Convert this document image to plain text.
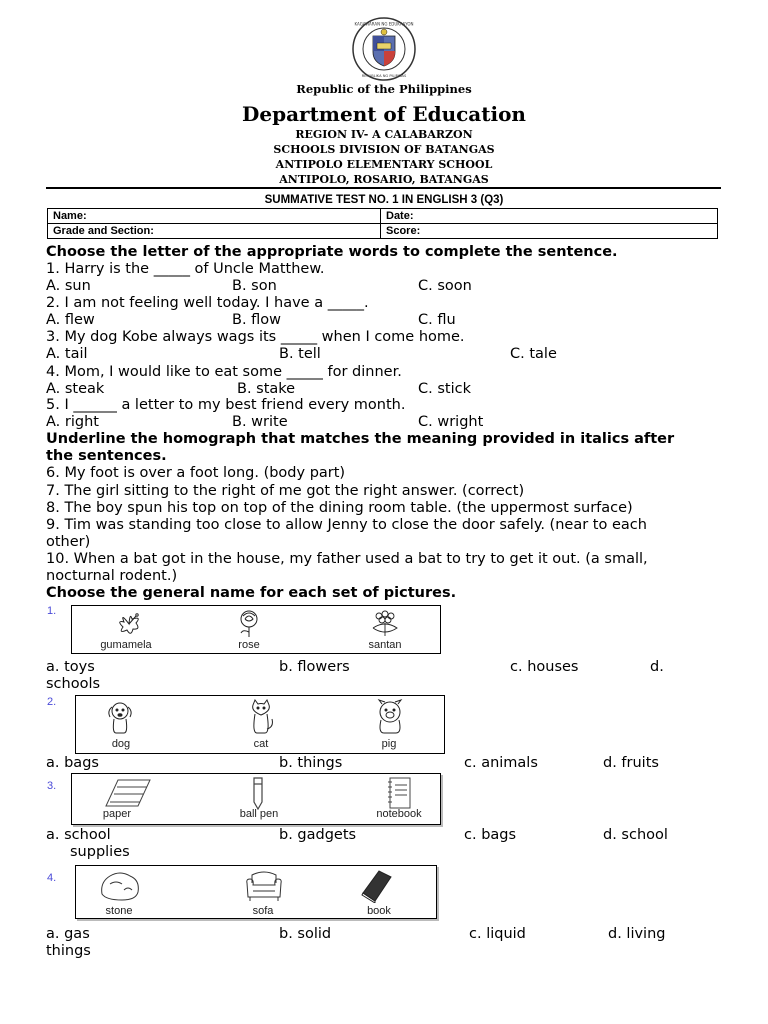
KAGAWARAN NG EDUKASYON
REPUBLIKA NG PILIPINAS
Republic of the Philippines
Department of Education
REGION IV- A CALABARZON
SCHOOLS DIVISION OF BATANGAS
ANTIPOLO ELEMENTARY SCHOOL
ANTIPOLO, ROSARIO, BATANGAS
SUMMATIVE TEST NO. 1 IN ENGLISH 3 (Q3)
Name:	Date:
Grade and Section:	Score:
Choose the letter of the appropriate words to complete the sentence.
1. Harry is the _____ of Uncle Matthew.
A. sun	B. son	C. soon
2. I am not feeling well today. I have a _____.
A. flew	B. flow	C. flu
3. My dog Kobe always wags its _____ when I come home.
A. tail	B. tell	C. tale
4. Mom, I would like to eat some _____ for dinner.
A. steak	B. stake	C. stick
5. I ______ a letter to my best friend every month.
A. right	B. write	C. wright
Underline the homograph that matches the meaning provided in italics after
the sentences.
6. My foot is over a foot long. (body part)
7. The girl sitting to the right of me got the right answer. (correct)
8. The boy spun his top on top of the dining room table. (the uppermost surface)
9. Tim was standing too close to allow Jenny to close the door safely. (near to each
other)
10. When a bat got in the house, my father used a bat to try to get it out. (a small,
nocturnal rodent.)
Choose the general name for each set of pictures.
1.
gumamela	rose	santan
a. toys	b. flowers	c. houses	d.
schools
2.
dog	cat	pig
a. bags	b. things	c. animals	d. fruits
3.
paper	ball pen	notebook
a. school	b. gadgets	c. bags	d. school
supplies
4.
stone	sofa	book
a. gas	b. solid	c. liquid	d. living
things
